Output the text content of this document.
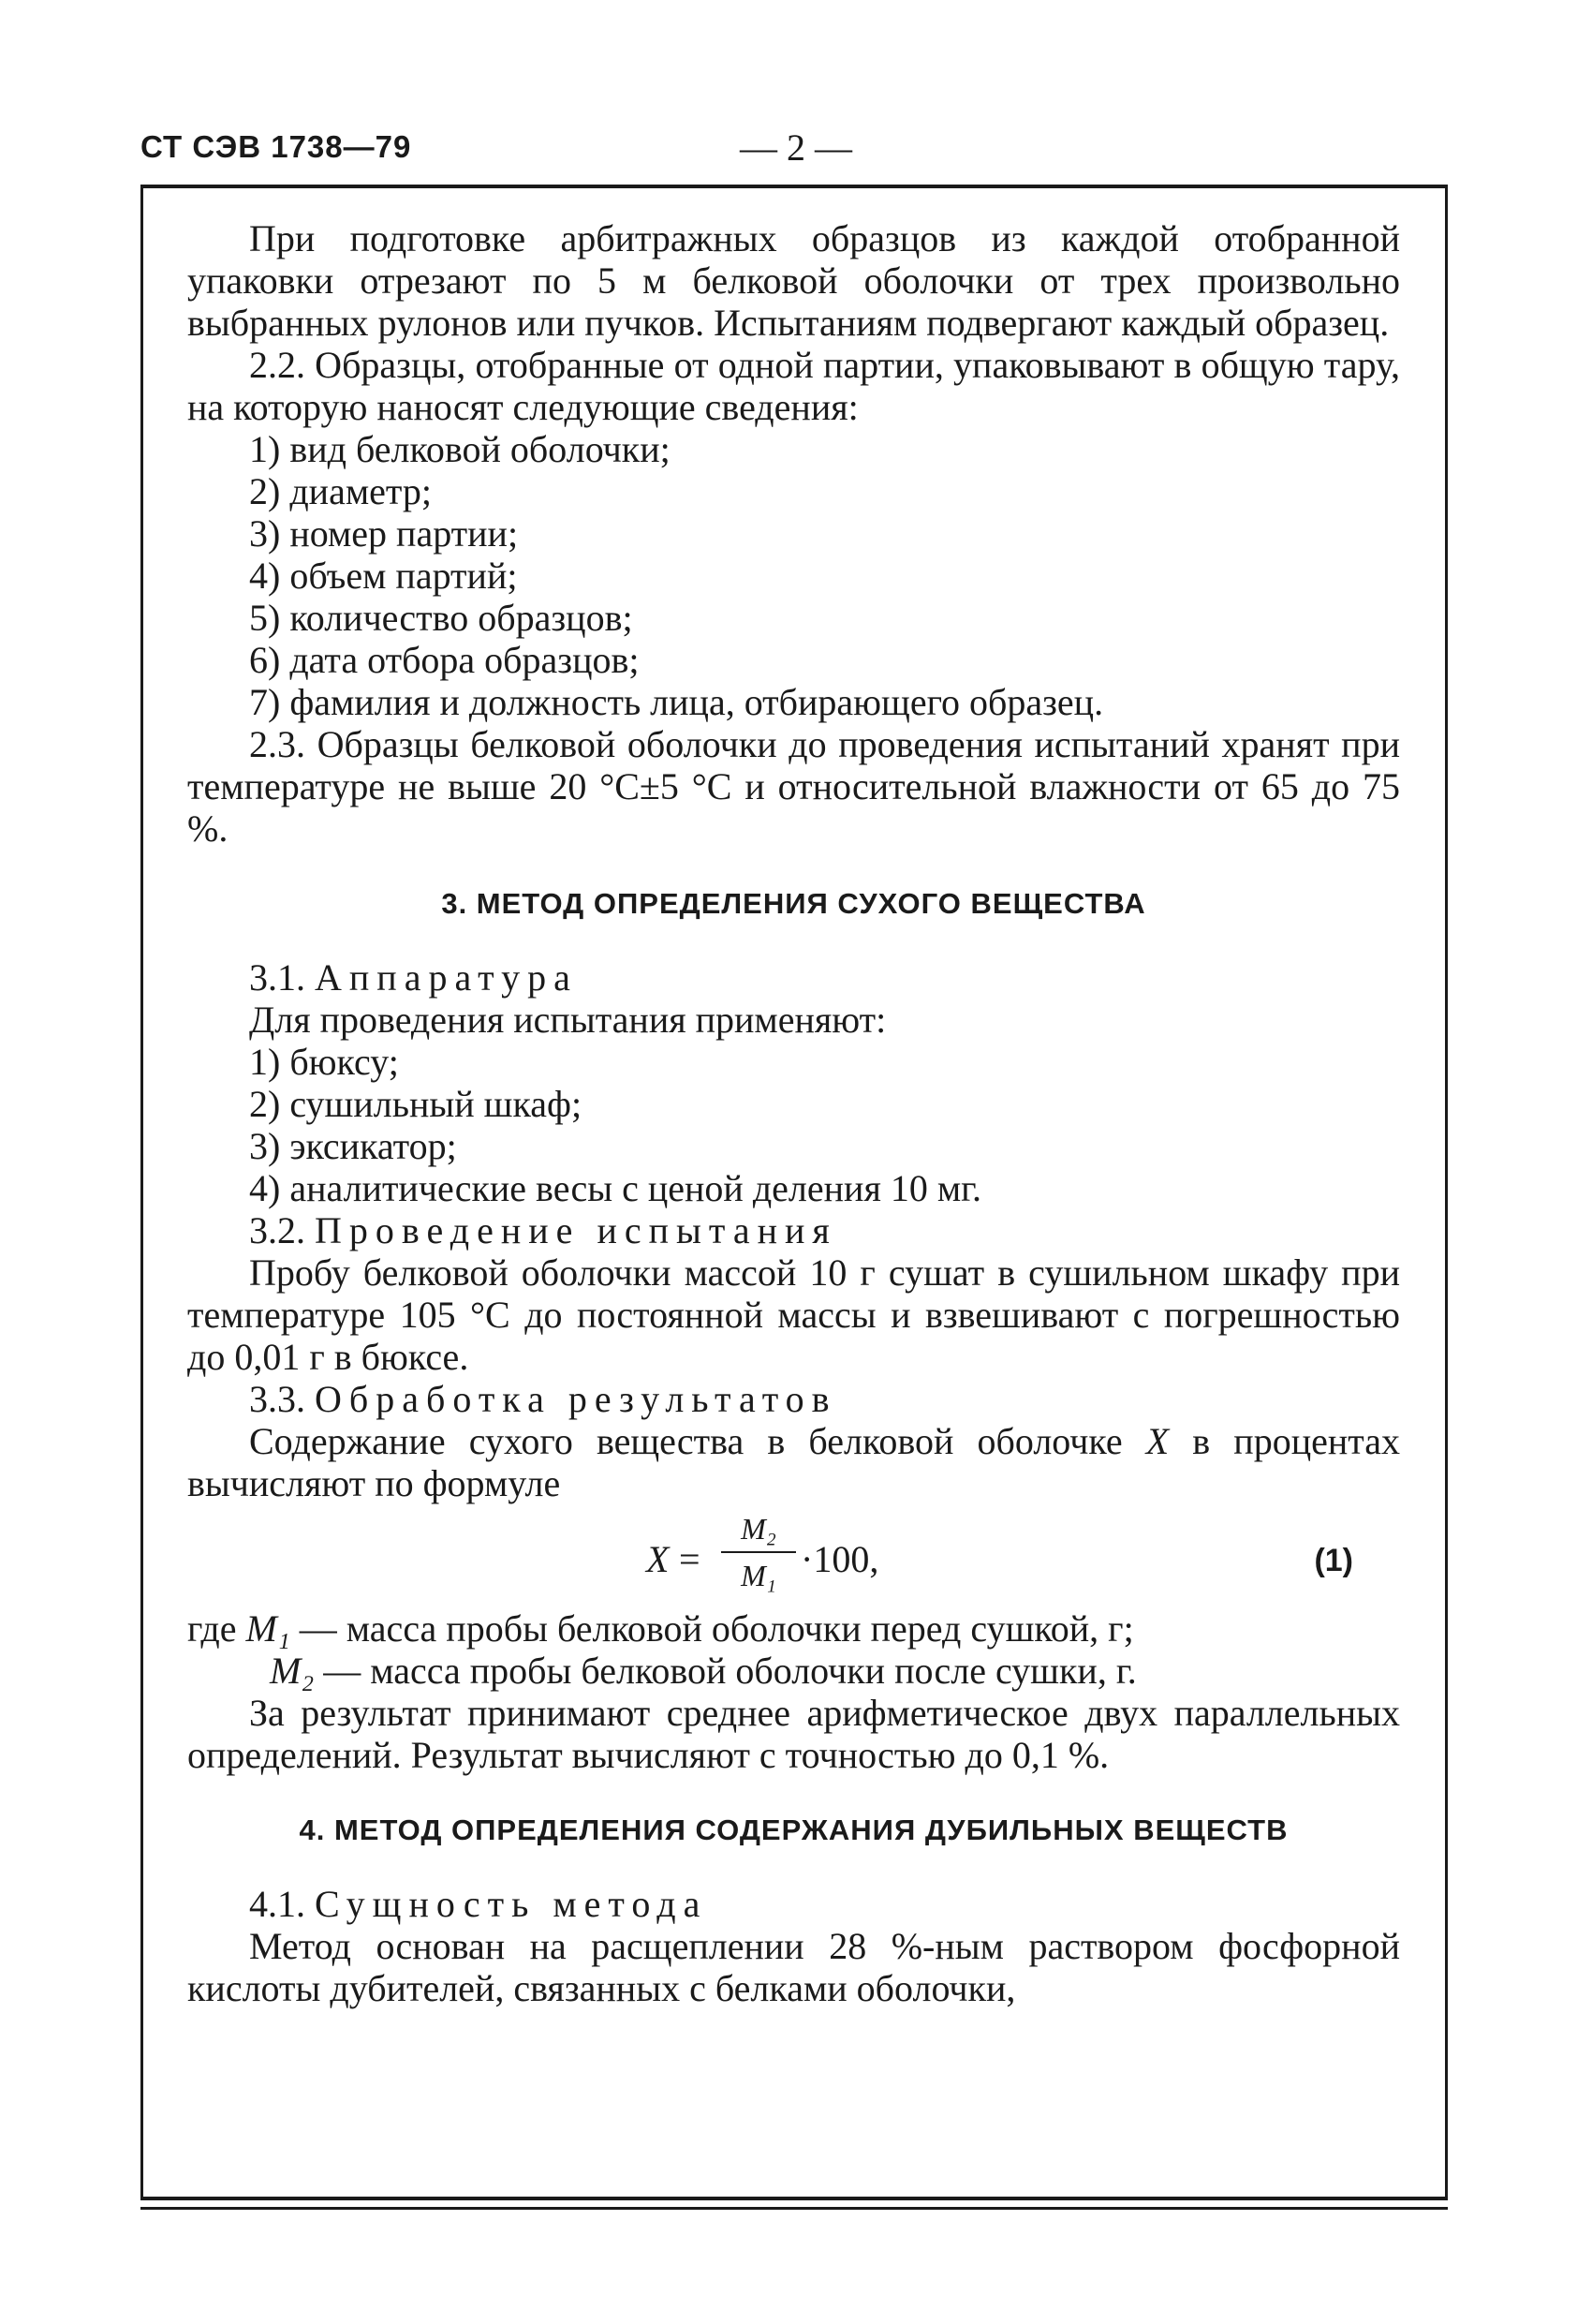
СТ СЭВ 1738—79	— 2 —

При подготовке арбитражных образцов из каждой отобранной упаковки отрезают по 5 м белковой оболочки от трех произвольно выбранных рулонов или пучков. Испытаниям подвергают каждый образец.

2.2. Образцы, отобранные от одной партии, упаковывают в общую тару, на которую наносят следующие сведения:

1) вид белковой оболочки;

2) диаметр;

3) номер партии;

4) объем партий;

5) количество образцов;

6) дата отбора образцов;

7) фамилия и должность лица, отбирающего образец.

2.3. Образцы белковой оболочки до проведения испытаний хранят при температуре не выше 20 °C±5 °C и относительной влажности от 65 до 75 %.

3. МЕТОД ОПРЕДЕЛЕНИЯ СУХОГО ВЕЩЕСТВА

3.1. Аппаратура

Для проведения испытания применяют:

1) бюксу;

2) сушильный шкаф;

3) эксикатор;

4) аналитические весы с ценой деления 10 мг.

3.2. Проведение испытания

Пробу белковой оболочки массой 10 г сушат в сушильном шкафу при температуре 105 °C до постоянной массы и взвешивают с погрешностью до 0,01 г в бюксе.

3.3. Обработка результатов

Содержание сухого вещества в белковой оболочке X в процентах вычисляют по формуле

X =
M₂
M₁ ·100,	(1)

где M₁ — масса пробы белковой оболочки перед сушкой, г;

M₂ — масса пробы белковой оболочки после сушки, г.

За результат принимают среднее арифметическое двух параллельных определений. Результат вычисляют с точностью до 0,1 %.

4. МЕТОД ОПРЕДЕЛЕНИЯ СОДЕРЖАНИЯ ДУБИЛЬНЫХ ВЕЩЕСТВ

4.1. Сущность метода

Метод основан на расщеплении 28 %-ным раствором фосфорной кислоты дубителей, связанных с белками оболочки,
